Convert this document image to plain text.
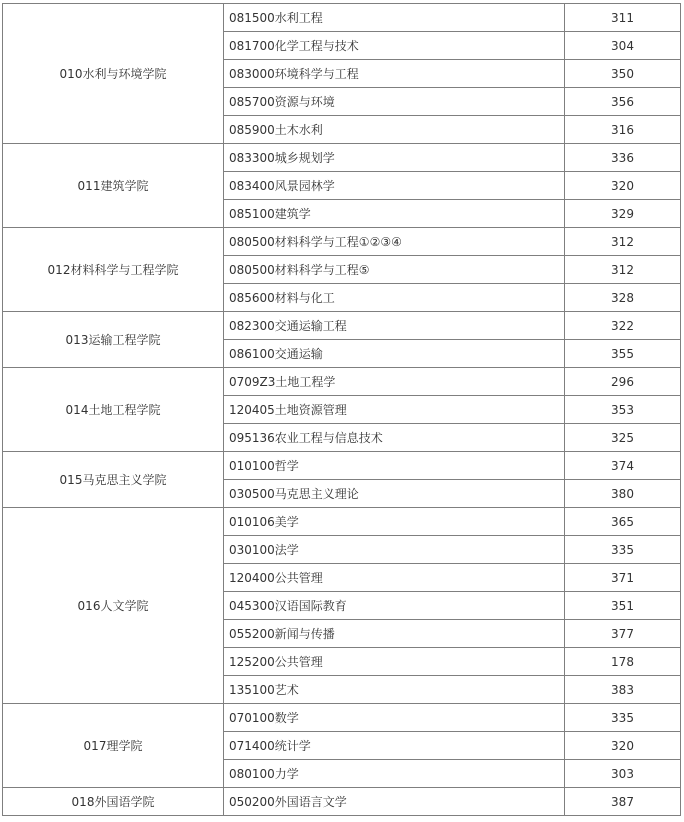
010水利与环境学院	081500水利工程	311
	081700化学工程与技术	304
	083000环境科学与工程	350
	085700资源与环境	356
	085900土木水利	316
011建筑学院	083300城乡规划学	336
	083400风景园林学	320
	085100建筑学	329
012材料科学与工程学院	080500材料科学与工程①②③④	312
	080500材料科学与工程⑤	312
	085600材料与化工	328
013运输工程学院	082300交通运输工程	322
	086100交通运输	355
014土地工程学院	0709Z3土地工程学	296
	120405土地资源管理	353
	095136农业工程与信息技术	325
015马克思主义学院	010100哲学	374
	030500马克思主义理论	380
016人文学院	010106美学	365
	030100法学	335
	120400公共管理	371
	045300汉语国际教育	351
	055200新闻与传播	377
	125200公共管理	178
	135100艺术	383
017理学院	070100数学	335
	071400统计学	320
	080100力学	303
018外国语学院	050200外国语言文学	387
